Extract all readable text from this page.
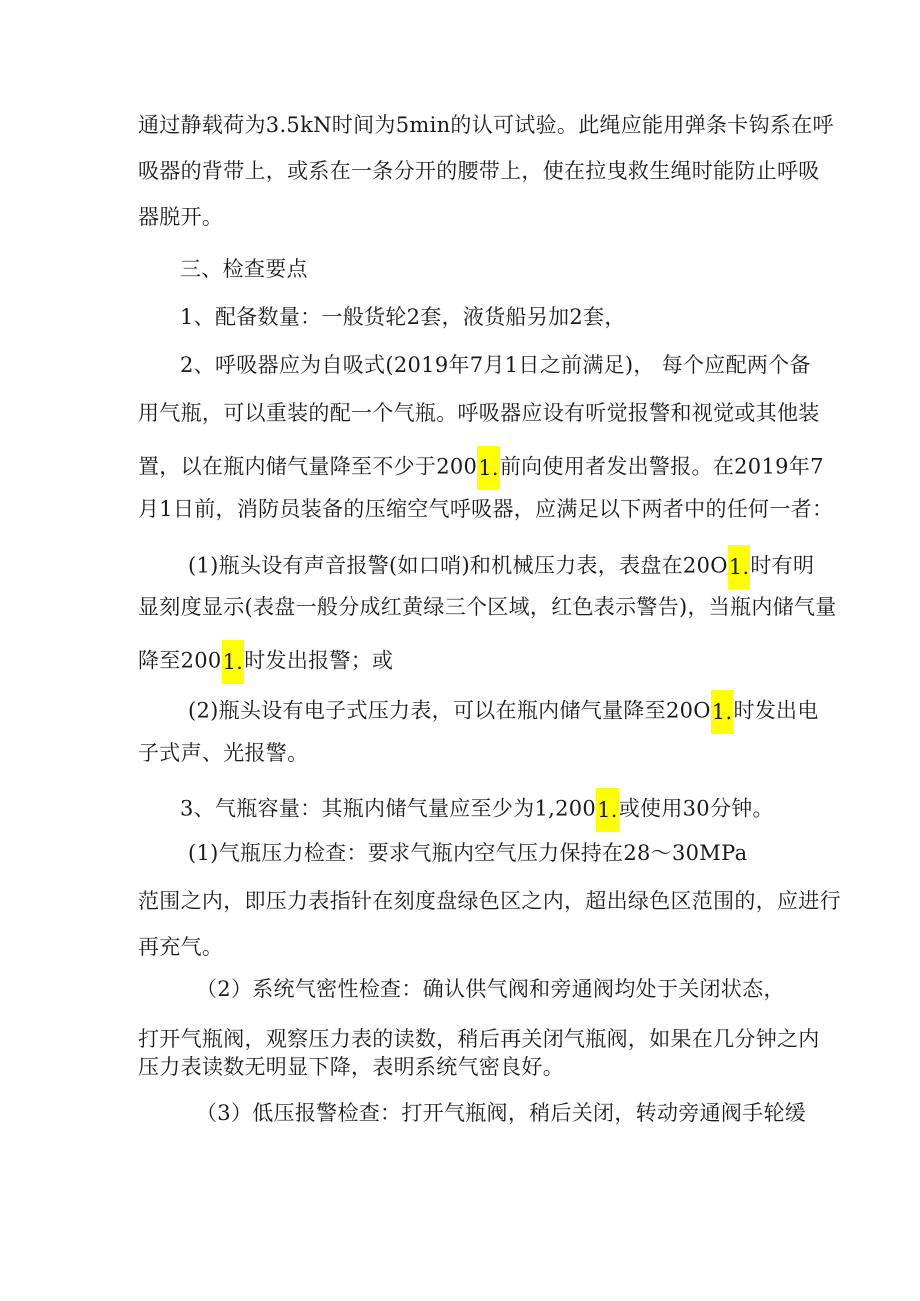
通过静载荷为3.5kN时间为5min的认可试验。此绳应能用弹条卡钩系在呼
吸器的背带上，或系在一条分开的腰带上，使在拉曳救生绳时能防止呼吸
器脱开。
三、检查要点
1、配备数量：一般货轮2套，液货船另加2套，
2、呼吸器应为自吸式(2019年7月1日之前满足)， 每个应配两个备
用气瓶，可以重装的配一个气瓶。呼吸器应设有听觉报警和视觉或其他装
置，以在瓶内储气量降至不少于2001.前向使用者发出警报。在2019年7
月1日前，消防员装备的压缩空气呼吸器，应满足以下两者中的任何一者：
(1)瓶头设有声音报警(如口哨)和机械压力表，表盘在20O1.时有明
显刻度显示(表盘一般分成红黄绿三个区域，红色表示警告)，当瓶内储气量
降至2001.时发出报警；或
(2)瓶头设有电子式压力表，可以在瓶内储气量降至20O1.时发出电
子式声、光报警。
3、气瓶容量：其瓶内储气量应至少为1,2001.或使用30分钟。
(1)气瓶压力检查：要求气瓶内空气压力保持在28～30MPa
范围之内，即压力表指针在刻度盘绿色区之内，超出绿色区范围的，应进行
再充气。
（2）系统气密性检查：确认供气阀和旁通阀均处于关闭状态，
打开气瓶阀，观察压力表的读数，稍后再关闭气瓶阀，如果在几分钟之内
压力表读数无明显下降，表明系统气密良好。
（3）低压报警检查：打开气瓶阀，稍后关闭，转动旁通阀手轮缓
